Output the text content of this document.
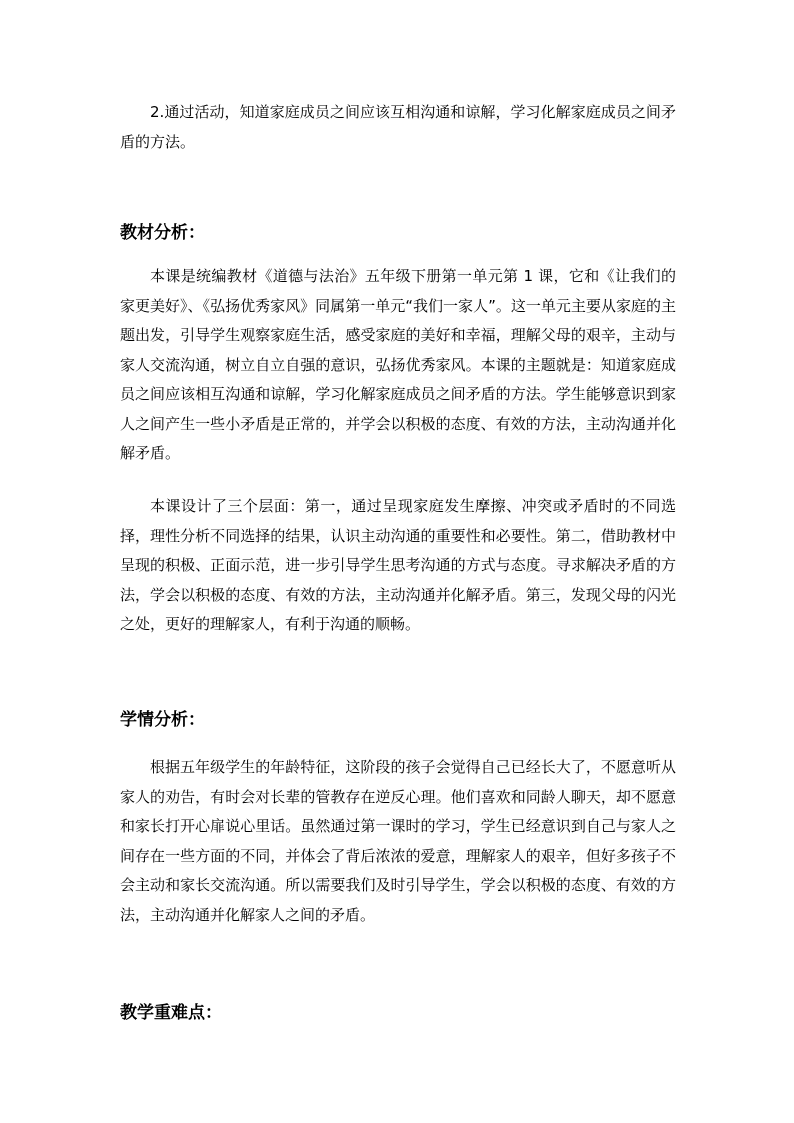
2.通过活动，知道家庭成员之间应该互相沟通和谅解，学习化解家庭成员之间矛盾的方法。

教材分析：

本课是统编教材《道德与法治》五年级下册第一单元第 1 课，它和《让我们的家更美好》、《弘扬优秀家风》同属第一单元“我们一家人”。这一单元主要从家庭的主题出发，引导学生观察家庭生活，感受家庭的美好和幸福，理解父母的艰辛，主动与家人交流沟通，树立自立自强的意识，弘扬优秀家风。本课的主题就是：知道家庭成员之间应该相互沟通和谅解，学习化解家庭成员之间矛盾的方法。学生能够意识到家人之间产生一些小矛盾是正常的，并学会以积极的态度、有效的方法，主动沟通并化解矛盾。

本课设计了三个层面：第一，通过呈现家庭发生摩擦、冲突或矛盾时的不同选择，理性分析不同选择的结果，认识主动沟通的重要性和必要性。第二，借助教材中呈现的积极、正面示范，进一步引导学生思考沟通的方式与态度。寻求解决矛盾的方法，学会以积极的态度、有效的方法，主动沟通并化解矛盾。第三，发现父母的闪光之处，更好的理解家人，有利于沟通的顺畅。

学情分析：

根据五年级学生的年龄特征，这阶段的孩子会觉得自己已经长大了，不愿意听从家人的劝告，有时会对长辈的管教存在逆反心理。他们喜欢和同龄人聊天，却不愿意和家长打开心扉说心里话。虽然通过第一课时的学习，学生已经意识到自己与家人之间存在一些方面的不同，并体会了背后浓浓的爱意，理解家人的艰辛，但好多孩子不会主动和家长交流沟通。所以需要我们及时引导学生，学会以积极的态度、有效的方法，主动沟通并化解家人之间的矛盾。

教学重难点：
